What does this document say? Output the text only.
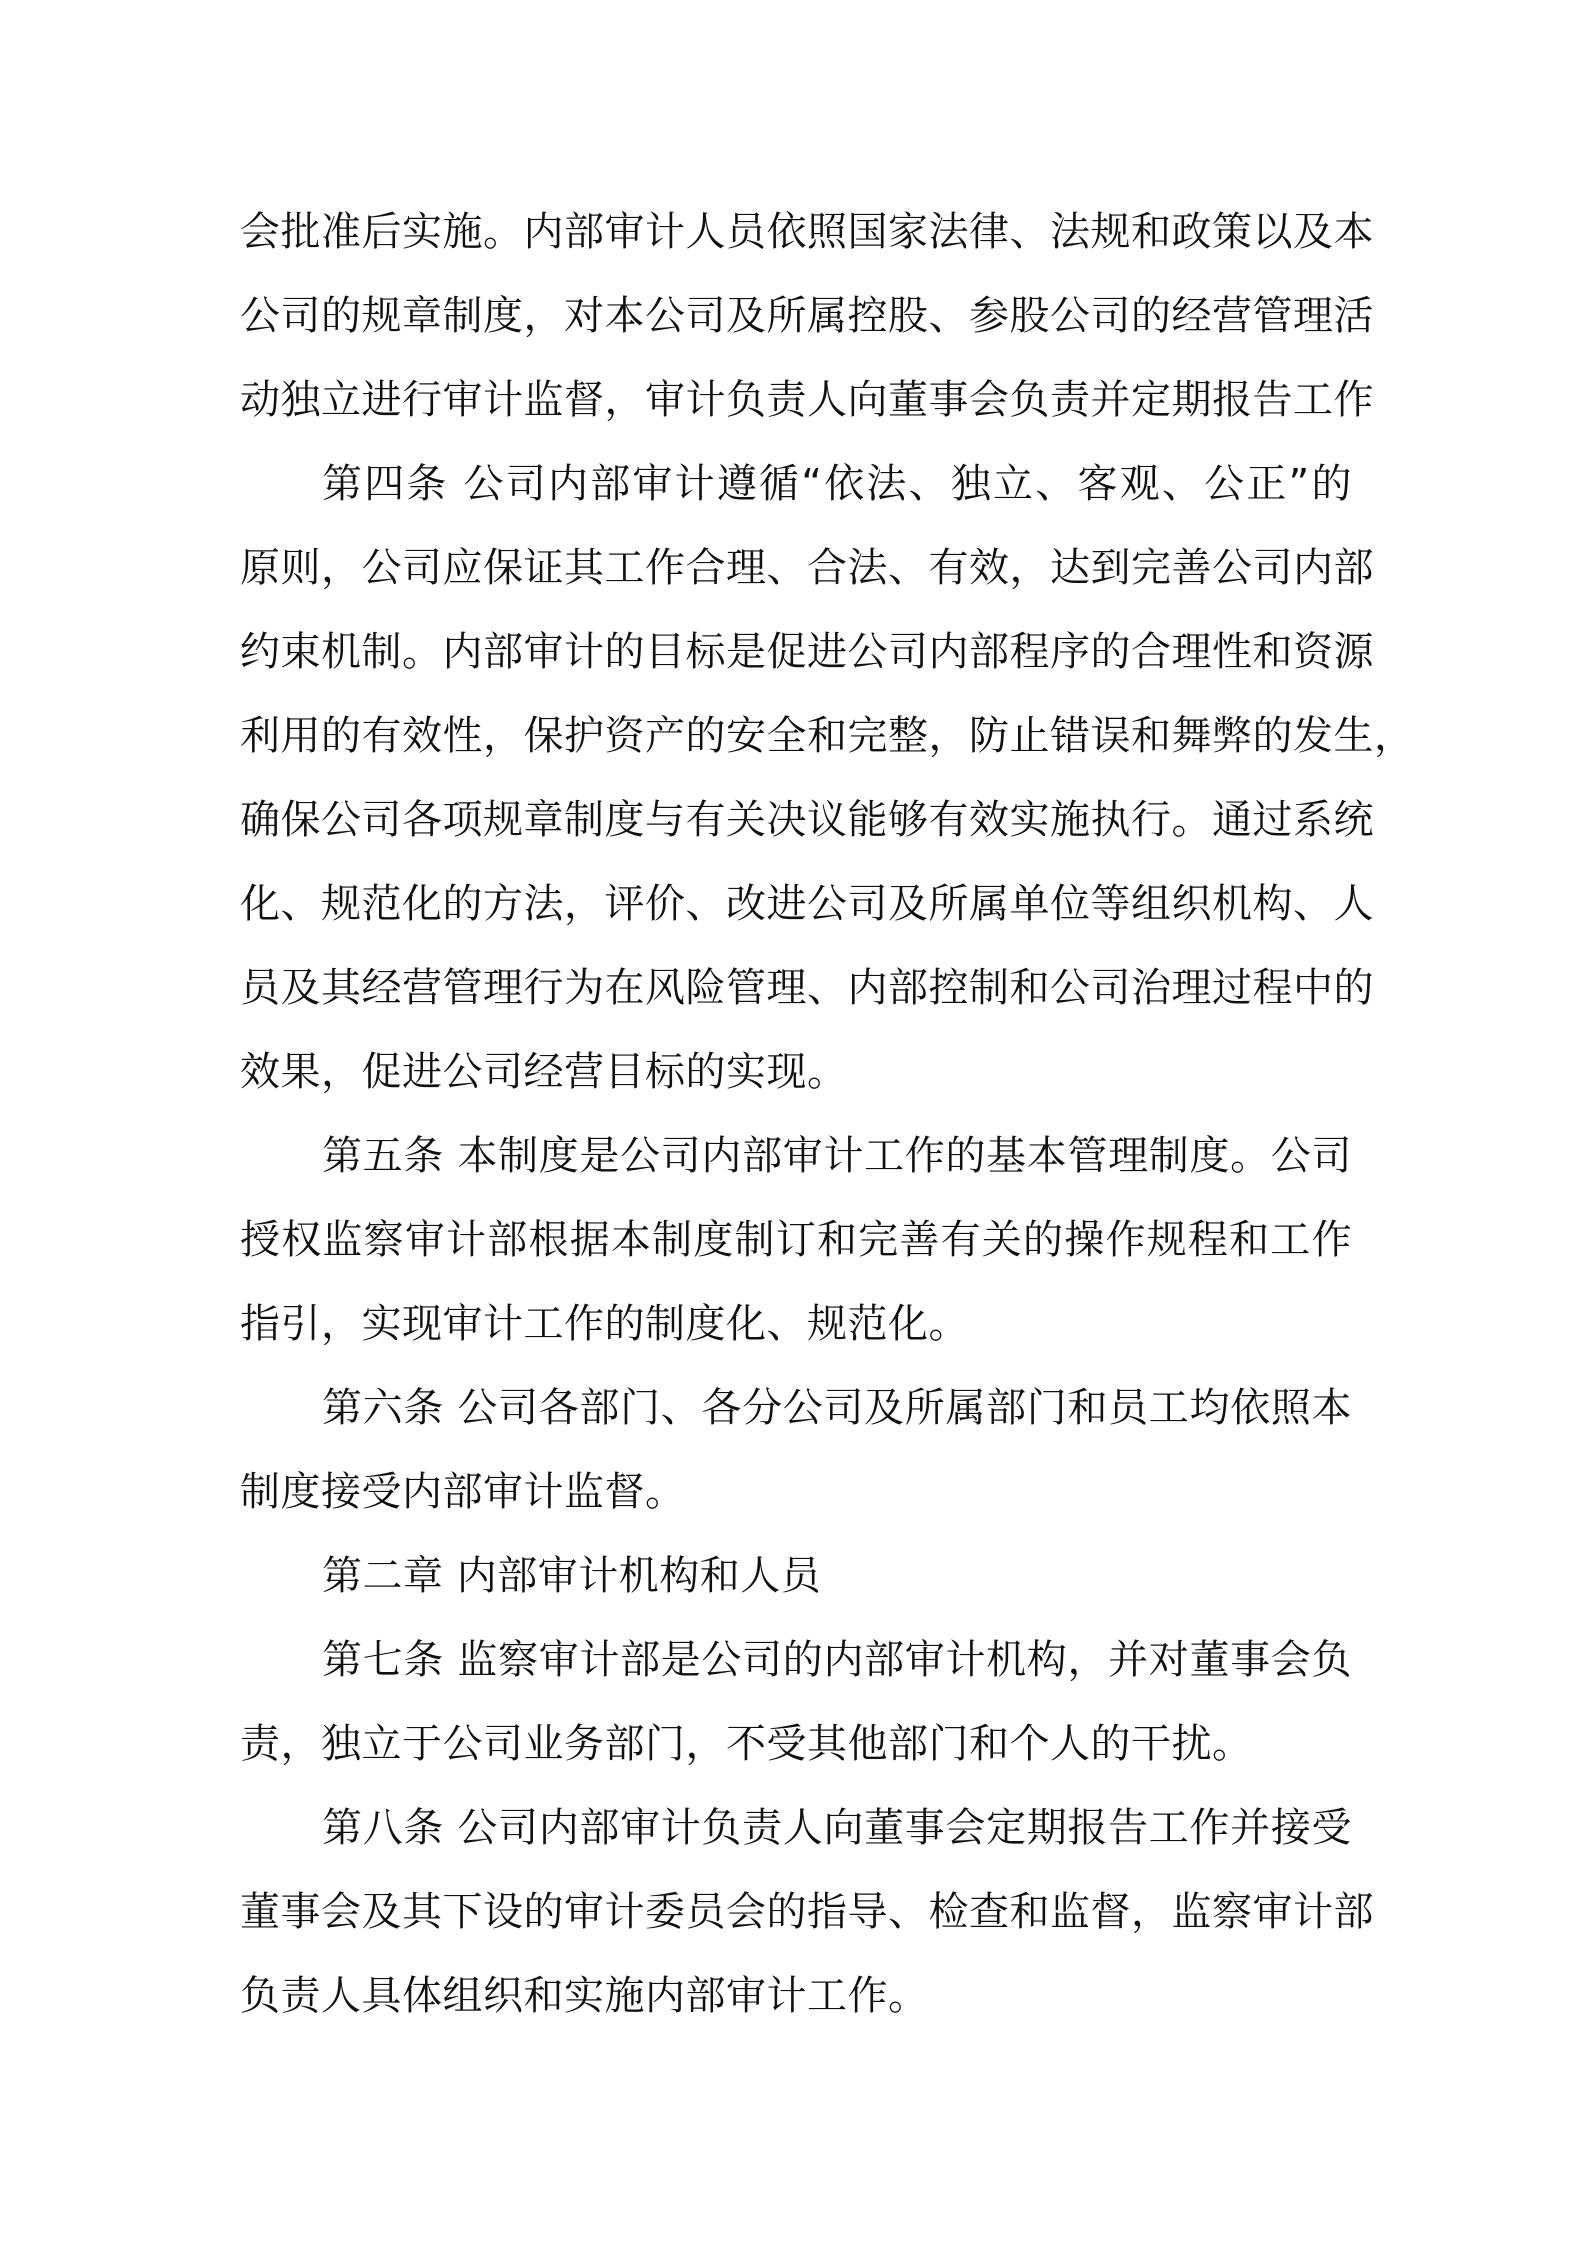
会批准后实施。内部审计人员依照国家法律、法规和政策以及本
公司的规章制度，对本公司及所属控股、参股公司的经营管理活
动独立进行审计监督，审计负责人向董事会负责并定期报告工作
第四条 公司内部审计遵循“依法、独立、客观、公正”的
原则，公司应保证其工作合理、合法、有效，达到完善公司内部
约束机制。内部审计的目标是促进公司内部程序的合理性和资源
利用的有效性，保护资产的安全和完整，防止错误和舞弊的发生，
确保公司各项规章制度与有关决议能够有效实施执行。通过系统
化、规范化的方法，评价、改进公司及所属单位等组织机构、人
员及其经营管理行为在风险管理、内部控制和公司治理过程中的
效果，促进公司经营目标的实现。
第五条 本制度是公司内部审计工作的基本管理制度。公司
授权监察审计部根据本制度制订和完善有关的操作规程和工作
指引，实现审计工作的制度化、规范化。
第六条 公司各部门、各分公司及所属部门和员工均依照本
制度接受内部审计监督。
第二章 内部审计机构和人员
第七条 监察审计部是公司的内部审计机构，并对董事会负
责，独立于公司业务部门，不受其他部门和个人的干扰。
第八条 公司内部审计负责人向董事会定期报告工作并接受
董事会及其下设的审计委员会的指导、检查和监督，监察审计部
负责人具体组织和实施内部审计工作。
